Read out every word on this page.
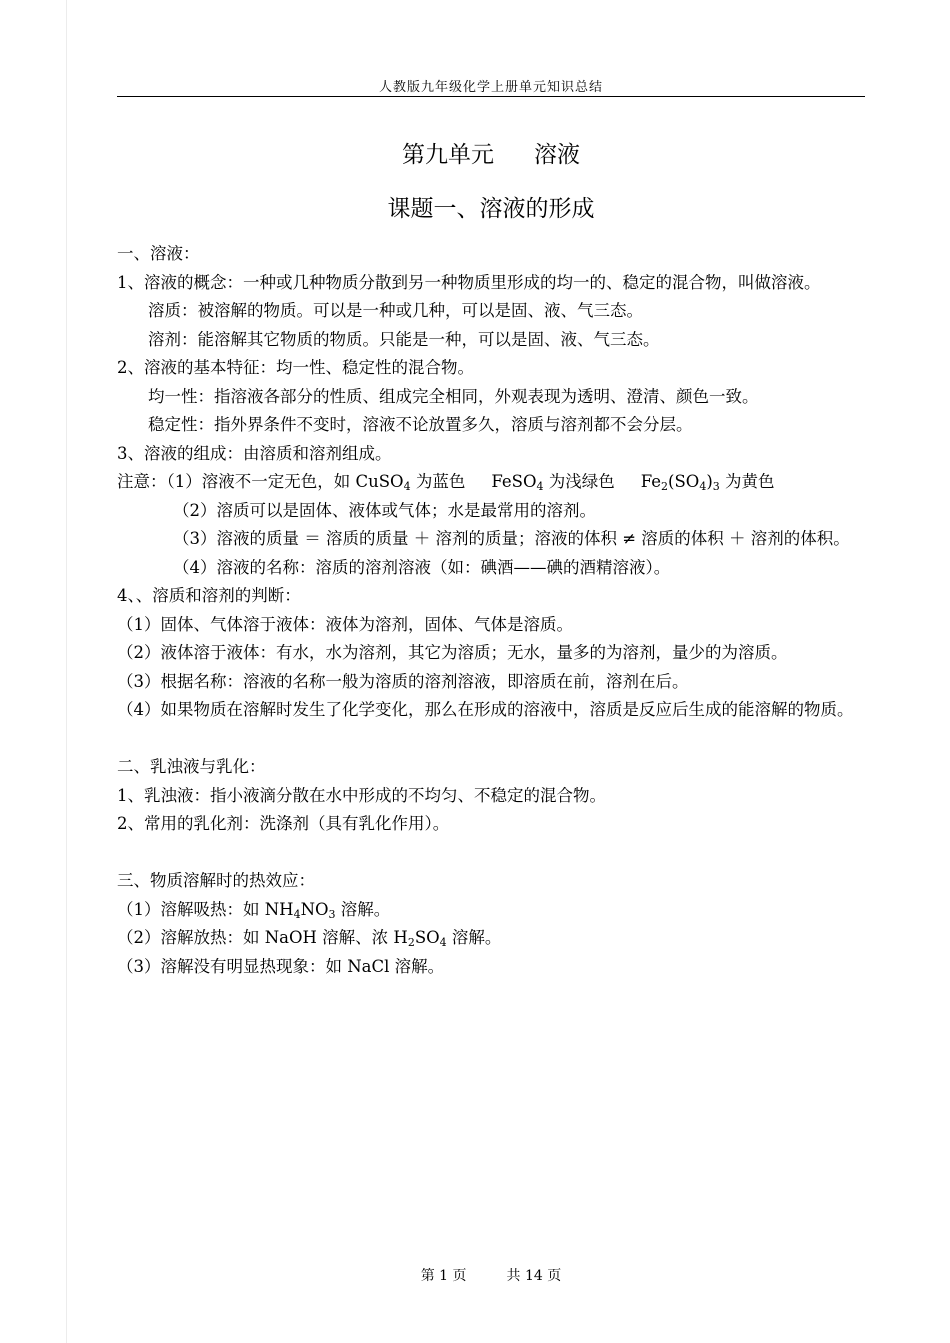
人教版九年级化学上册单元知识总结
第九单元 溶液
课题一、溶液的形成

一、溶液：

1、溶液的概念：一种或几种物质分散到另一种物质里形成的均一的、稳定的混合物，叫做溶液。

溶质：被溶解的物质。可以是一种或几种，可以是固、液、气三态。

溶剂：能溶解其它物质的物质。只能是一种，可以是固、液、气三态。

2、溶液的基本特征：均一性、稳定性的混合物。

均一性：指溶液各部分的性质、组成完全相同，外观表现为透明、澄清、颜色一致。

稳定性：指外界条件不变时，溶液不论放置多久，溶质与溶剂都不会分层。

3、溶液的组成：由溶质和溶剂组成。

注意：（1）溶液不一定无色，如 CuSO$_4$ 为蓝色 FeSO$_4$ 为浅绿色 $Fe_2(SO_4)_3$ 为黄色

（2）溶质可以是固体、液体或气体；水是最常用的溶剂。

（3）溶液的质量 ＝ 溶质的质量 ＋ 溶剂的质量；溶液的体积 ≠ 溶质的体积 ＋ 溶剂的体积。

（4）溶液的名称：溶质的溶剂溶液（如：碘酒——碘的酒精溶液）。

4、、溶质和溶剂的判断：

（1）固体、气体溶于液体：液体为溶剂，固体、气体是溶质。

（2）液体溶于液体：有水，水为溶剂，其它为溶质；无水，量多的为溶剂，量少的为溶质。

（3）根据名称：溶液的名称一般为溶质的溶剂溶液，即溶质在前，溶剂在后。

（4）如果物质在溶解时发生了化学变化，那么在形成的溶液中，溶质是反应后生成的能溶解的物质。

二、乳浊液与乳化：

1、乳浊液：指小液滴分散在水中形成的不均匀、不稳定的混合物。

2、常用的乳化剂：洗涤剂（具有乳化作用）。

三、物质溶解时的热效应：

（1）溶解吸热：如 $NH_4NO_3$ 溶解。

（2）溶解放热：如 NaOH 溶解、浓 $H_2SO_4$ 溶解。

（3）溶解没有明显热现象：如 NaCl 溶解。

第 1 页	共 14 页
